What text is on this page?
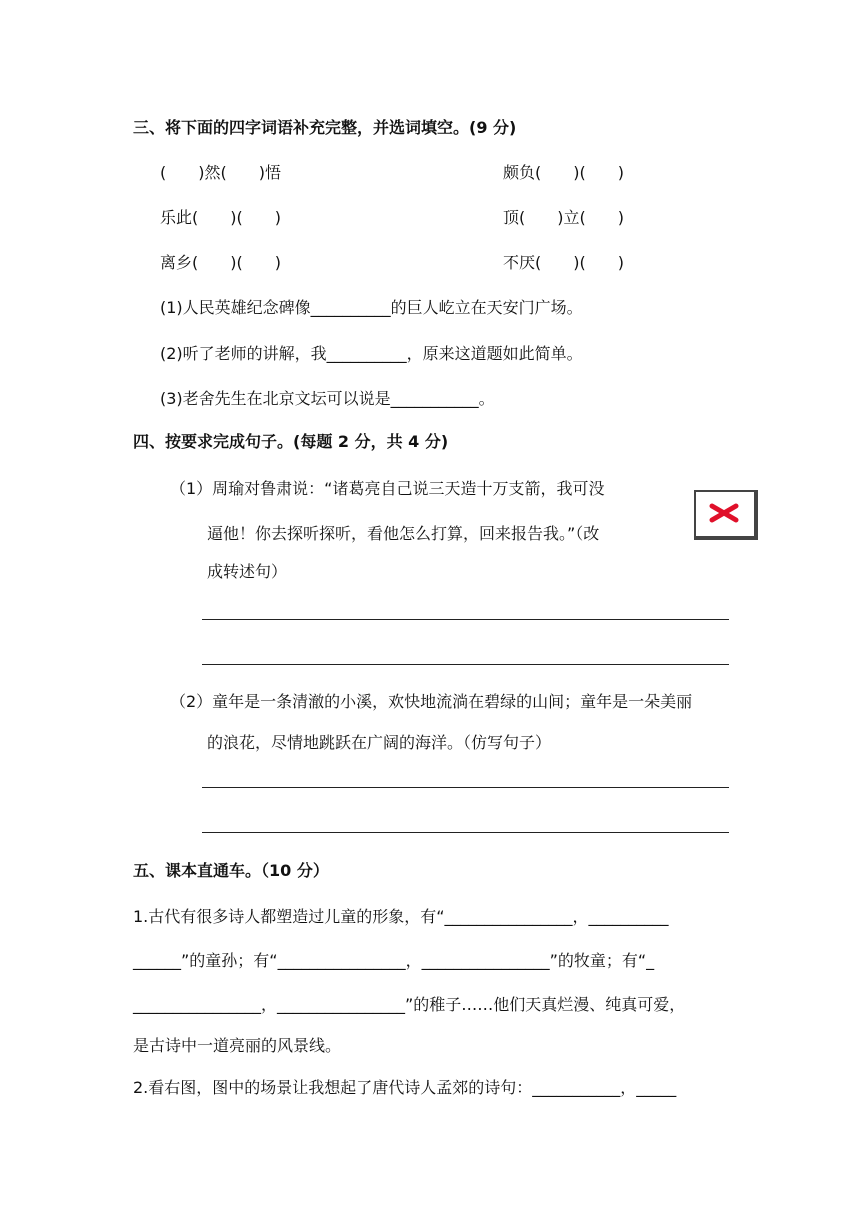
三、将下面的四字词语补充完整，并选词填空。(9 分)
(　　)然(　　)悟
乐此(　　)(　　)
离乡(　　)(　　)
颇负(　　)(　　)
顶(　　)立(　　)
不厌(　　)(　　)
(1)人民英雄纪念碑像__________的巨人屹立在天安门广场。
(2)听了老师的讲解，我__________，原来这道题如此简单。
(3)老舍先生在北京文坛可以说是___________。
四、按要求完成句子。(每题 2 分，共 4 分)
（1）周瑜对鲁肃说：“诸葛亮自己说三天造十万支箭，我可没
逼他！你去探听探听，看他怎么打算，回来报告我。”（改
成转述句）
（2）童年是一条清澈的小溪，欢快地流淌在碧绿的山间；童年是一朵美丽
的浪花，尽情地跳跃在广阔的海洋。（仿写句子）
五、课本直通车。（10 分）
1.古代有很多诗人都塑造过儿童的形象，有“________________，__________
______”的童孙；有“________________，________________”的牧童；有“_
________________，________________”的稚子……他们天真烂漫、纯真可爱，
是古诗中一道亮丽的风景线。
2.看右图，图中的场景让我想起了唐代诗人孟郊的诗句：___________，_____
